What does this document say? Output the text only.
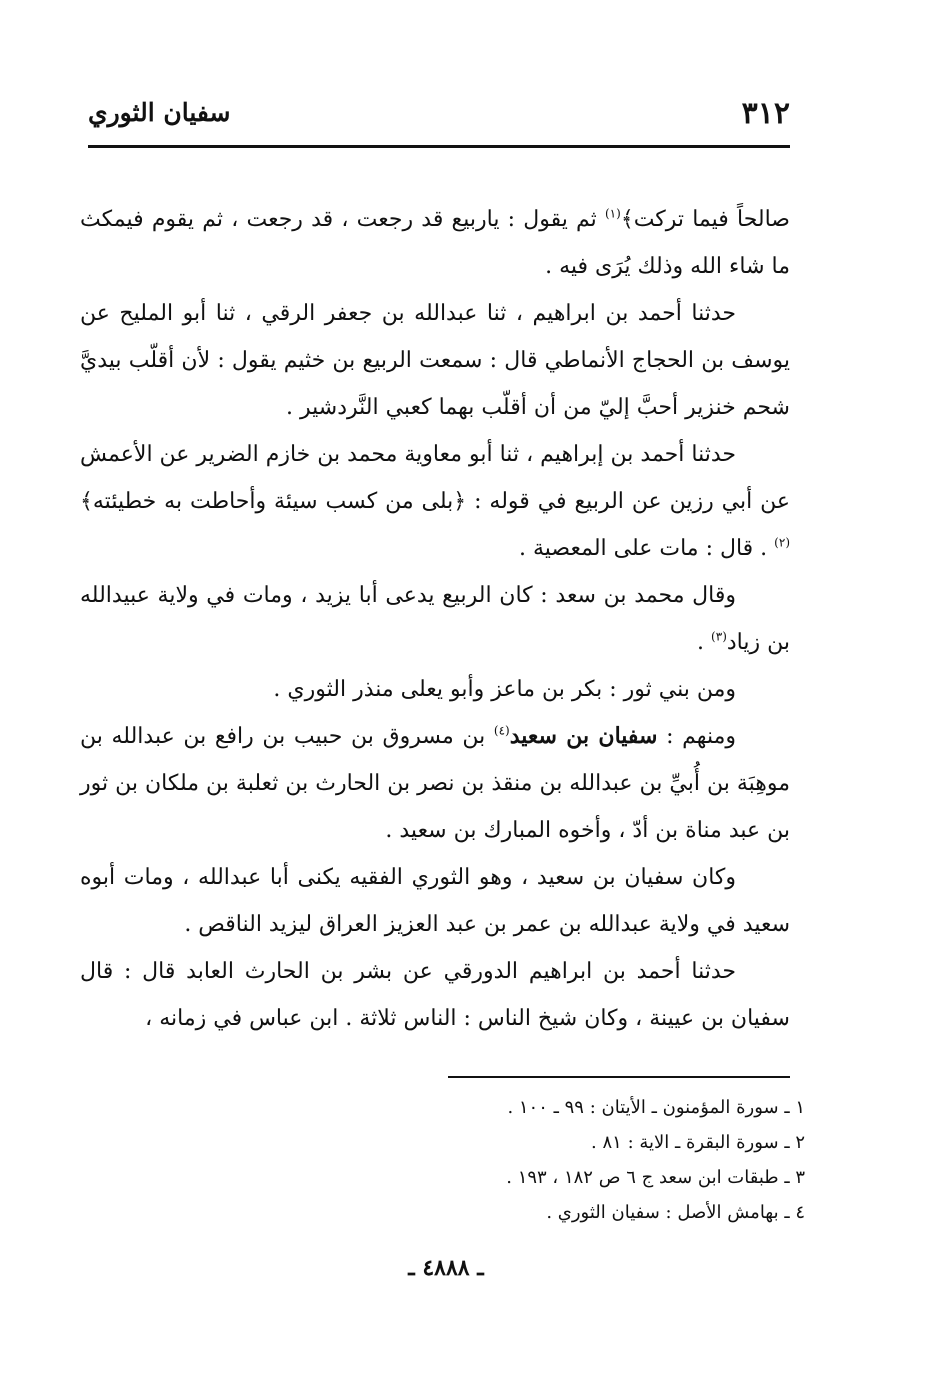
٣١٢
سفيان الثوري

صالحاً فيما تركت﴾$^{(١)}$ ثم يقول : ياربيع قد رجعت ، قد رجعت ، ثم يقوم فيمكث ما شاء الله وذلك يُرَى فيه .

حدثنا أحمد بن ابراهيم ، ثنا عبدالله بن جعفر الرقي ، ثنا أبو المليح عن يوسف بن الحجاج الأنماطي قال : سمعت الربيع بن خثيم يقول : لأن أقلّب بيديَّ شحم خنزير أحبَّ إليّ من أن أقلّب بهما كعبي النَّردشير .

حدثنا أحمد بن إبراهيم ، ثنا أبو معاوية محمد بن خازم الضرير عن الأعمش عن أبي رزين عن الربيع في قوله : ﴿بلى من كسب سيئة وأحاطت به خطيئته﴾$^{(٢)}$ . قال : مات على المعصية .

وقال محمد بن سعد : كان الربيع يدعى أبا يزيد ، ومات في ولاية عبيدالله بن زياد$^{(٣)}$ .

ومن بني ثور : بكر بن ماعز وأبو يعلى منذر الثوري .

ومنهم : سفيان بن سعيد$^{(٤)}$ بن مسروق بن حبيب بن رافع بن عبدالله بن موهِبَة بن أُبيِّ بن عبدالله بن منقذ بن نصر بن الحارث بن ثعلبة بن ملكان بن ثور بن عبد مناة بن أدّ ، وأخوه المبارك بن سعيد .

وكان سفيان بن سعيد ، وهو الثوري الفقيه يكنى أبا عبدالله ، ومات أبوه سعيد في ولاية عبدالله بن عمر بن عبد العزيز العراق ليزيد الناقص .

حدثنا أحمد بن ابراهيم الدورقي عن بشر بن الحارث العابد قال : قال سفيان بن عيينة ، وكان شيخ الناس : الناس ثلاثة . ابن عباس في زمانه ،

١ ـ سورة المؤمنون ـ الأيتان : ٩٩ ـ ١٠٠ .
٢ ـ سورة البقرة ـ الاية : ٨١ .
٣ ـ طبقات ابن سعد ج ٦ ص ١٨٢ ، ١٩٣ .
٤ ـ بهامش الأصل : سفيان الثوري .
ـ ٤٨٨٨ ـ
